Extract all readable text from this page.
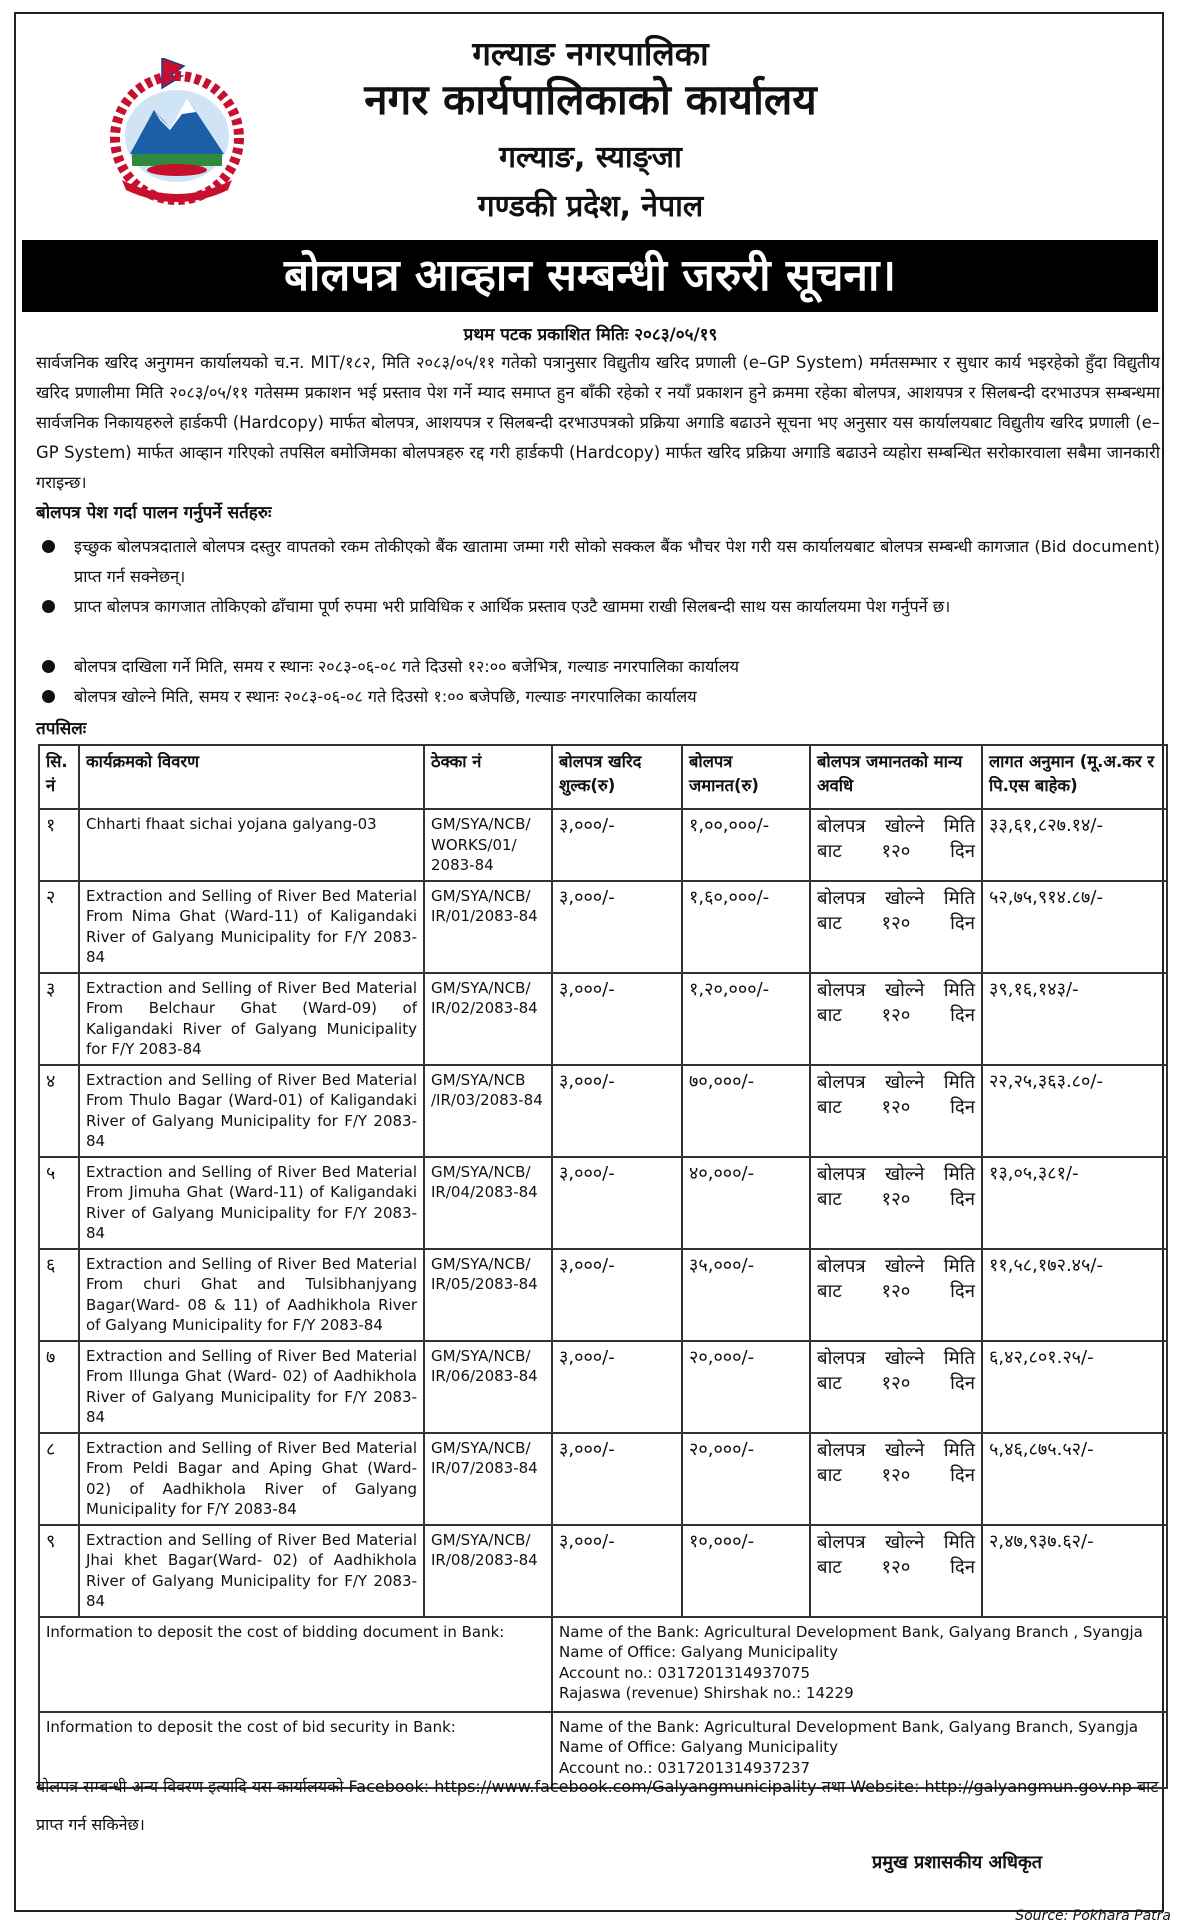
गल्याङ नगरपालिका
नगर कार्यपालिकाको कार्यालय
गल्याङ, स्याङ्जा
गण्डकी प्रदेश, नेपाल
बोलपत्र आव्हान सम्बन्धी जरुरी सूचना।
प्रथम पटक प्रकाशित मितिः २०८३/०५/१९
सार्वजनिक खरिद अनुगमन कार्यालयको च.न. MIT/१८२, मिति २०८३/०५/११ गतेको पत्रानुसार विद्युतीय खरिद प्रणाली (e–GP System) मर्मतसम्भार र सुधार कार्य भइरहेको हुँदा विद्युतीय खरिद प्रणालीमा मिति २०८३/०५/११ गतेसम्म प्रकाशन भई प्रस्ताव पेश गर्ने म्याद समाप्त हुन बाँकी रहेको र नयाँ प्रकाशन हुने क्रममा रहेका बोलपत्र, आशयपत्र र सिलबन्दी दरभाउपत्र सम्बन्धमा सार्वजनिक निकायहरुले हार्डकपी (Hardcopy) मार्फत बोलपत्र, आशयपत्र र सिलबन्दी दरभाउपत्रको प्रक्रिया अगाडि बढाउने सूचना भए अनुसार यस कार्यालयबाट विद्युतीय खरिद प्रणाली (e–GP System) मार्फत आव्हान गरिएको तपसिल बमोजिमका बोलपत्रहरु रद्द गरी हार्डकपी (Hardcopy) मार्फत खरिद प्रक्रिया अगाडि बढाउने व्यहोरा सम्बन्धित सरोकारवाला सबैमा जानकारी गराइन्छ।
बोलपत्र पेश गर्दा पालन गर्नुपर्ने सर्तहरुः
इच्छुक बोलपत्रदाताले बोलपत्र दस्तुर वापतको रकम तोकीएको बैंक खातामा जम्मा गरी सोको सक्कल बैंक भौचर पेश गरी यस कार्यालयबाट बोलपत्र सम्बन्धी कागजात (Bid document) प्राप्त गर्न सक्नेछन्।
प्राप्त बोलपत्र कागजात तोकिएको ढाँचामा पूर्ण रुपमा भरी प्राविधिक र आर्थिक प्रस्ताव एउटै खाममा राखी सिलबन्दी साथ यस कार्यालयमा पेश गर्नुपर्ने छ।
बोलपत्र दाखिला गर्ने मिति, समय र स्थानः २०८३-०६-०८ गते दिउसो १२:०० बजेभित्र, गल्याङ नगरपालिका कार्यालय
बोलपत्र खोल्ने मिति, समय र स्थानः २०८३-०६-०८ गते दिउसो १:०० बजेपछि, गल्याङ नगरपालिका कार्यालय
तपसिलः
सि. नं	कार्यक्रमको विवरण	ठेक्का नं	बोलपत्र खरिद शुल्क(रु)	बोलपत्र जमानत(रु)	बोलपत्र जमानतको मान्य अवधि	लागत अनुमान (मू.अ.कर र पि.एस बाहेक)
१	Chharti fhaat sichai yojana galyang-03	GM/SYA/NCB/ WORKS/01/ 2083-84	३,०००/-	१,००,०००/-	बोलपत्र खोल्ने मिति बाट १२० दिन	३३,६१,८२७.१४/-
२	Extraction and Selling of River Bed Material From Nima Ghat (Ward-11) of Kaligandaki River of Galyang Municipality for F/Y 2083-84	GM/SYA/NCB/ IR/01/2083-84	३,०००/-	१,६०,०००/-	बोलपत्र खोल्ने मिति बाट १२० दिन	५२,७५,९१४.८७/-
३	Extraction and Selling of River Bed Material From Belchaur Ghat (Ward-09) of Kaligandaki River of Galyang Municipality for F/Y 2083-84	GM/SYA/NCB/ IR/02/2083-84	३,०००/-	१,२०,०००/-	बोलपत्र खोल्ने मिति बाट १२० दिन	३९,१६,१४३/-
४	Extraction and Selling of River Bed Material From Thulo Bagar (Ward-01) of Kaligandaki River of Galyang Municipality for F/Y 2083-84	GM/SYA/NCB /IR/03/2083-84	३,०००/-	७०,०००/-	बोलपत्र खोल्ने मिति बाट १२० दिन	२२,२५,३६३.८०/-
५	Extraction and Selling of River Bed Material From Jimuha Ghat (Ward-11) of Kaligandaki River of Galyang Municipality for F/Y 2083-84	GM/SYA/NCB/ IR/04/2083-84	३,०००/-	४०,०००/-	बोलपत्र खोल्ने मिति बाट १२० दिन	१३,०५,३८१/-
६	Extraction and Selling of River Bed Material From churi Ghat and Tulsibhanjyang Bagar(Ward- 08 & 11) of Aadhikhola River of Galyang Municipality for F/Y 2083-84	GM/SYA/NCB/ IR/05/2083-84	३,०००/-	३५,०००/-	बोलपत्र खोल्ने मिति बाट १२० दिन	११,५८,१७२.४५/-
७	Extraction and Selling of River Bed Material From Illunga Ghat (Ward- 02) of Aadhikhola River of Galyang Municipality for F/Y 2083-84	GM/SYA/NCB/ IR/06/2083-84	३,०००/-	२०,०००/-	बोलपत्र खोल्ने मिति बाट १२० दिन	६,४२,८०१.२५/-
८	Extraction and Selling of River Bed Material From Peldi Bagar and Aping Ghat (Ward- 02) of Aadhikhola River of Galyang Municipality for F/Y 2083-84	GM/SYA/NCB/ IR/07/2083-84	३,०००/-	२०,०००/-	बोलपत्र खोल्ने मिति बाट १२० दिन	५,४६,८७५.५२/-
९	Extraction and Selling of River Bed Material Jhai khet Bagar(Ward- 02) of Aadhikhola River of Galyang Municipality for F/Y 2083-84	GM/SYA/NCB/ IR/08/2083-84	३,०००/-	१०,०००/-	बोलपत्र खोल्ने मिति बाट १२० दिन	२,४७,९३७.६२/-
Information to deposit the cost of bidding document in Bank:			Name of the Bank: Agricultural Development Bank, Galyang Branch , Syangja
Name of Office: Galyang Municipality
Account no.: 0317201314937075
Rajaswa (revenue) Shirshak no.: 14229			

Information to deposit the cost of bid security in Bank:			Name of the Bank: Agricultural Development Bank, Galyang Branch, Syangja
Name of Office: Galyang Municipality
Account no.: 0317201314937237			
बोलपत्र सम्बन्धी अन्य विवरण इत्यादि यस कार्यालयको Facebook: https://www.facebook.com/Galyangmunicipality तथा Website: http://galyangmun.gov.np बाट प्राप्त गर्न सकिनेछ।
प्रमुख प्रशासकीय अधिकृत
Source: Pokhara Patra
